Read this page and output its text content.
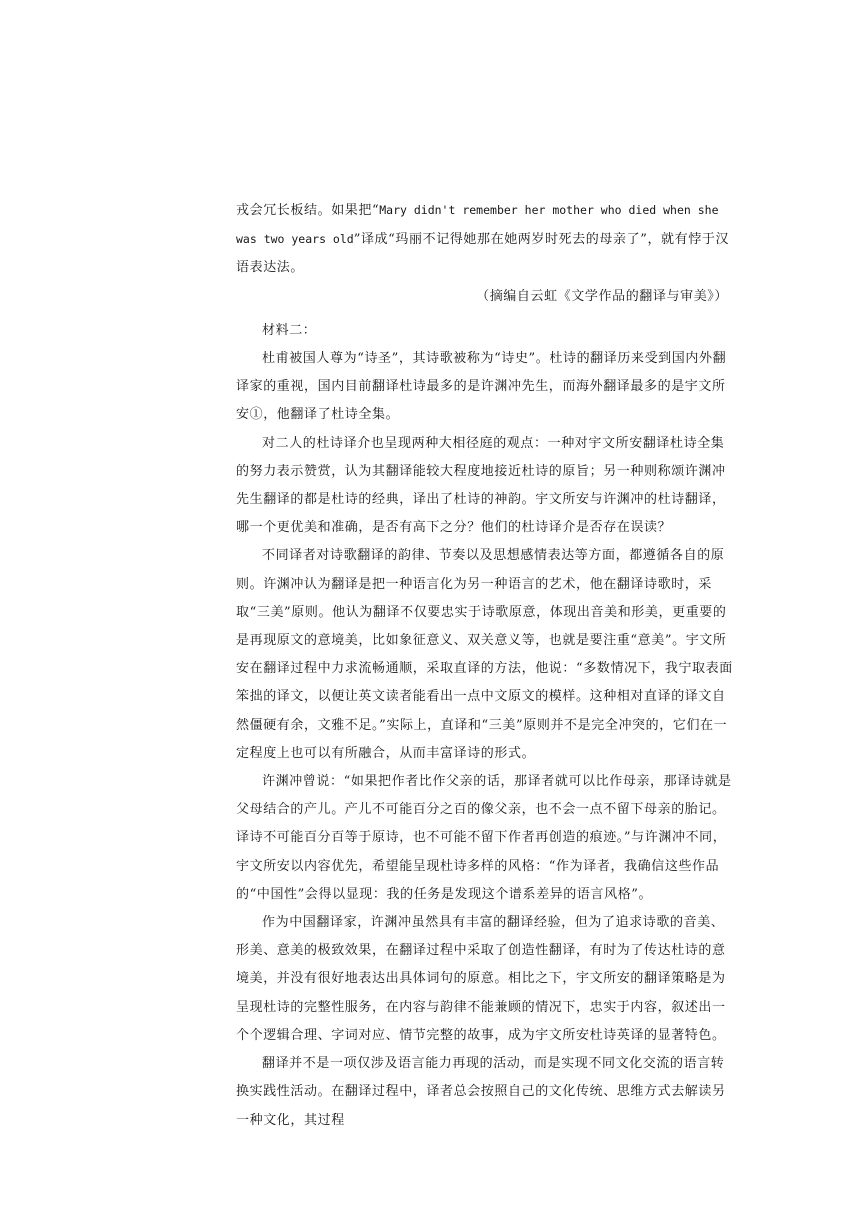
戎会冗长板结。如果把“Mary didn't remember her mother who died when she was two years old”译成“玛丽不记得她那在她两岁时死去的母亲了”，就有悖于汉语表达法。

（摘编自云虹《文学作品的翻译与审美》）

材料二：

杜甫被国人尊为“诗圣”，其诗歌被称为“诗史”。杜诗的翻译历来受到国内外翻译家的重视，国内目前翻译杜诗最多的是许渊冲先生，而海外翻译最多的是宇文所安①，他翻译了杜诗全集。

对二人的杜诗译介也呈现两种大相径庭的观点：一种对宇文所安翻译杜诗全集的努力表示赞赏，认为其翻译能较大程度地接近杜诗的原旨；另一种则称颂许渊冲先生翻译的都是杜诗的经典，译出了杜诗的神韵。宇文所安与许渊冲的杜诗翻译，哪一个更优美和准确，是否有高下之分？他们的杜诗译介是否存在误读？

不同译者对诗歌翻译的韵律、节奏以及思想感情表达等方面，都遵循各自的原则。许渊冲认为翻译是把一种语言化为另一种语言的艺术，他在翻译诗歌时，采取“三美”原则。他认为翻译不仅要忠实于诗歌原意，体现出音美和形美，更重要的是再现原文的意境美，比如象征意义、双关意义等，也就是要注重“意美”。宇文所安在翻译过程中力求流畅通顺，采取直译的方法，他说：“多数情况下，我宁取表面笨拙的译文，以便让英文读者能看出一点中文原文的模样。这种相对直译的译文自然僵硬有余，文雅不足。”实际上，直译和“三美”原则并不是完全冲突的，它们在一定程度上也可以有所融合，从而丰富译诗的形式。

许渊冲曾说：“如果把作者比作父亲的话，那译者就可以比作母亲，那译诗就是父母结合的产儿。产儿不可能百分之百的像父亲，也不会一点不留下母亲的胎记。译诗不可能百分百等于原诗，也不可能不留下作者再创造的痕迹。”与许渊冲不同，宇文所安以内容优先，希望能呈现杜诗多样的风格：“作为译者，我确信这些作品的“中国性”会得以显现：我的任务是发现这个谱系差异的语言风格”。

作为中国翻译家，许渊冲虽然具有丰富的翻译经验，但为了追求诗歌的音美、形美、意美的极致效果，在翻译过程中采取了创造性翻译，有时为了传达杜诗的意境美，并没有很好地表达出具体词句的原意。相比之下，宇文所安的翻译策略是为呈现杜诗的完整性服务，在内容与韵律不能兼顾的情况下，忠实于内容，叙述出一个个逻辑合理、字词对应、情节完整的故事，成为宇文所安杜诗英译的显著特色。

翻译并不是一项仅涉及语言能力再现的活动，而是实现不同文化交流的语言转换实践性活动。在翻译过程中，译者总会按照自己的文化传统、思维方式去解读另一种文化，其过程
